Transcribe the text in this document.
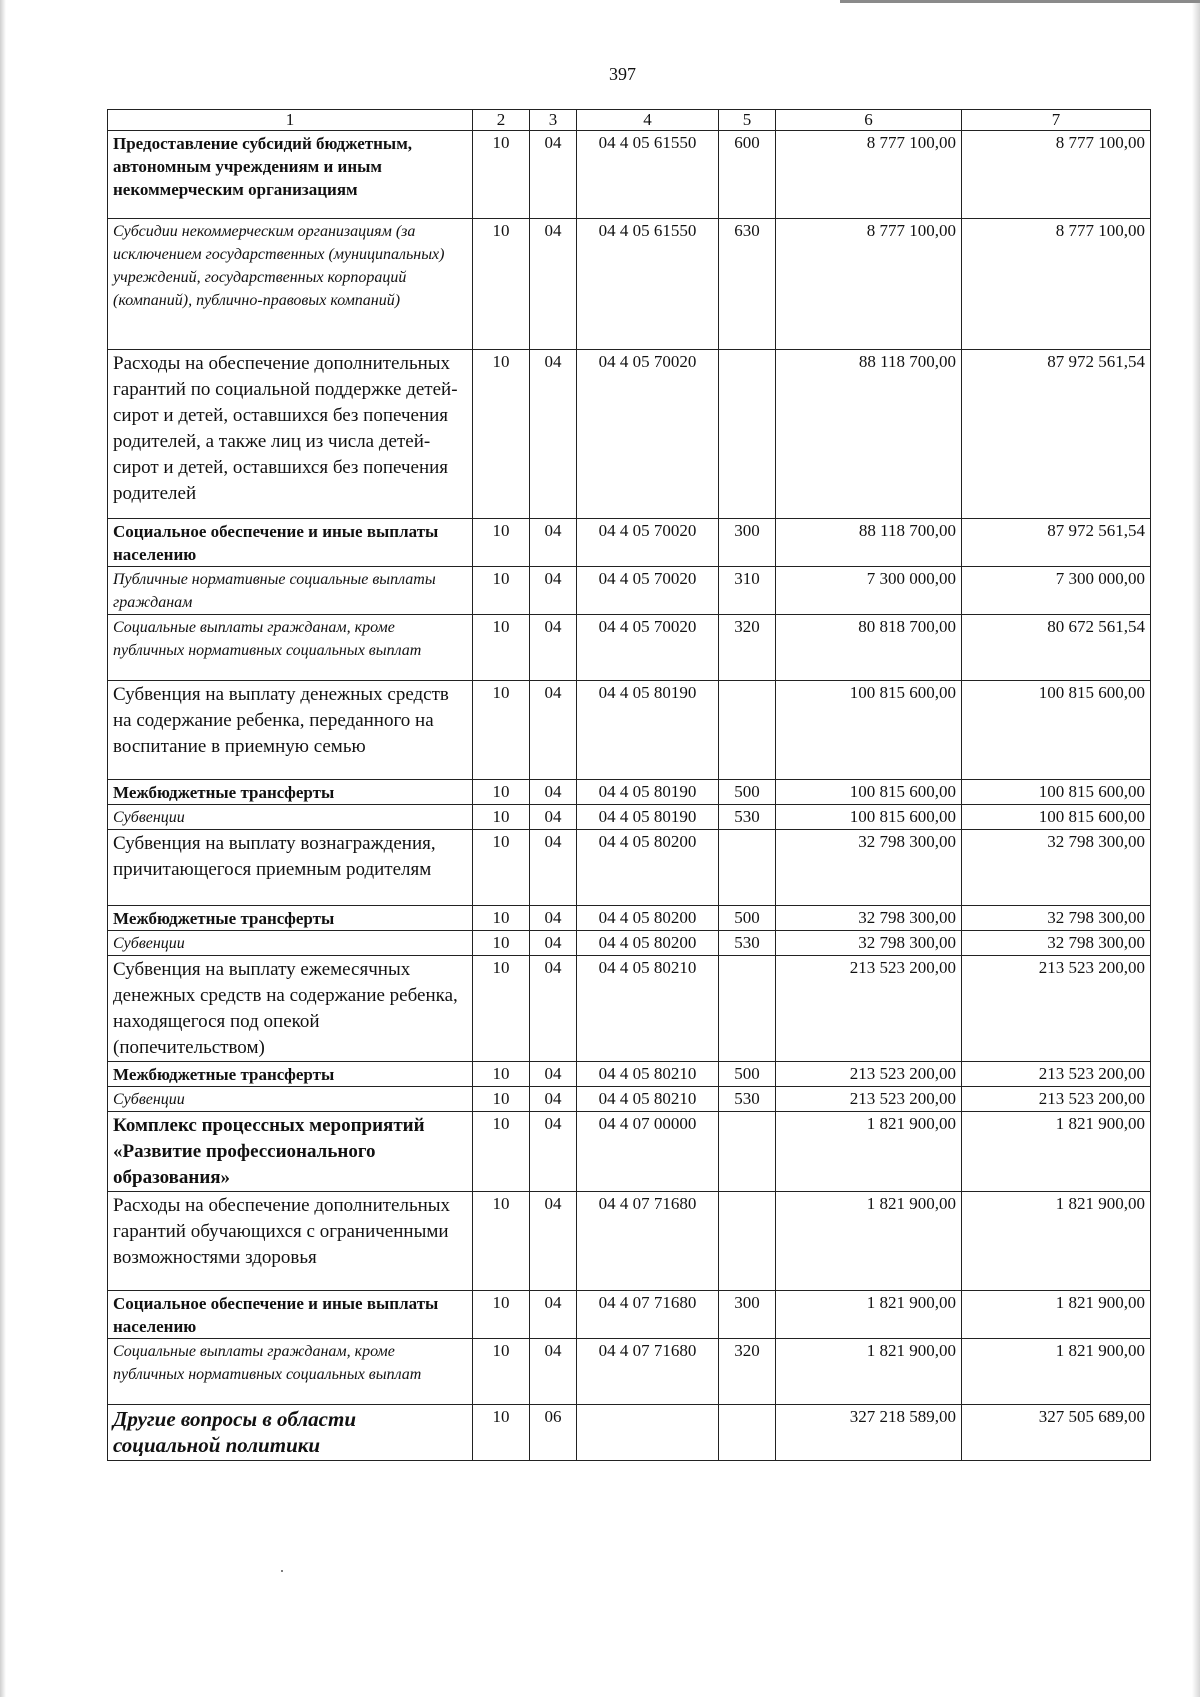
397
1	2	3	4	5	6	7
Предоставление субсидий бюджетным, автономным учреждениям и иным некоммерческим организациям	10	04	04 4 05 61550	600	8 777 100,00	8 777 100,00
Субсидии некоммерческим организациям (за исключением государственных (муниципальных) учреждений, государственных корпораций (компаний), публично-правовых компаний)	10	04	04 4 05 61550	630	8 777 100,00	8 777 100,00
Расходы на обеспечение дополнительных гарантий по социальной поддержке детей-сирот и детей, оставшихся без попечения родителей, а также лиц из числа детей-сирот и детей, оставшихся без попечения родителей	10	04	04 4 05 70020		88 118 700,00	87 972 561,54
Социальное обеспечение и иные выплаты населению	10	04	04 4 05 70020	300	88 118 700,00	87 972 561,54
Публичные нормативные социальные выплаты гражданам	10	04	04 4 05 70020	310	7 300 000,00	7 300 000,00
Социальные выплаты гражданам, кроме публичных нормативных социальных выплат	10	04	04 4 05 70020	320	80 818 700,00	80 672 561,54
Субвенция на выплату денежных средств на содержание ребенка, переданного на воспитание в приемную семью	10	04	04 4 05 80190		100 815 600,00	100 815 600,00
Межбюджетные трансферты	10	04	04 4 05 80190	500	100 815 600,00	100 815 600,00
Субвенции	10	04	04 4 05 80190	530	100 815 600,00	100 815 600,00
Субвенция на выплату вознаграждения, причитающегося приемным родителям	10	04	04 4 05 80200		32 798 300,00	32 798 300,00
Межбюджетные трансферты	10	04	04 4 05 80200	500	32 798 300,00	32 798 300,00
Субвенции	10	04	04 4 05 80200	530	32 798 300,00	32 798 300,00
Субвенция на выплату ежемесячных денежных средств на содержание ребенка, находящегося под опекой (попечительством)	10	04	04 4 05 80210		213 523 200,00	213 523 200,00
Межбюджетные трансферты	10	04	04 4 05 80210	500	213 523 200,00	213 523 200,00
Субвенции	10	04	04 4 05 80210	530	213 523 200,00	213 523 200,00
Комплекс процессных мероприятий «Развитие профессионального образования»	10	04	04 4 07 00000		1 821 900,00	1 821 900,00
Расходы на обеспечение дополнительных гарантий обучающихся с ограниченными возможностями здоровья	10	04	04 4 07 71680		1 821 900,00	1 821 900,00
Социальное обеспечение и иные выплаты населению	10	04	04 4 07 71680	300	1 821 900,00	1 821 900,00
Социальные выплаты гражданам, кроме публичных нормативных социальных выплат	10	04	04 4 07 71680	320	1 821 900,00	1 821 900,00
Другие вопросы в области социальной политики	10	06			327 218 589,00	327 505 689,00
